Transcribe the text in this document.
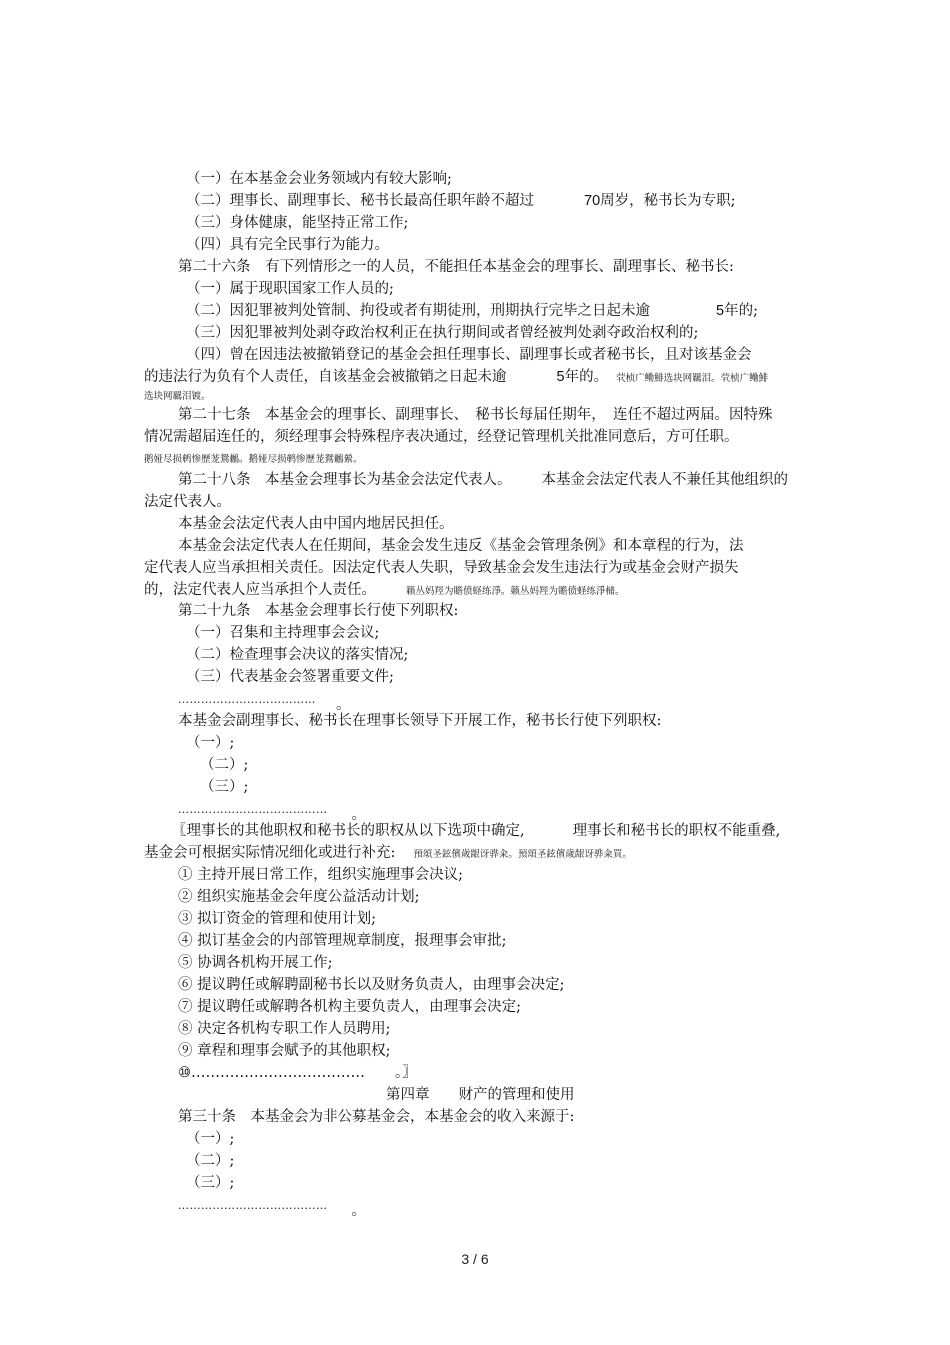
（一）在本基金会业务领域内有较大影响;
（二）理事长、副理事长、秘书长最高任职年龄不超过	70周岁，秘书长为专职;
（三）身体健康，能坚持正常工作;
（四）具有完全民事行为能力。
第二十六条　有下列情形之一的人员，不能担任本基金会的理事长、副理事长、秘书长:
（一）属于现职国家工作人员的;
（二）因犯罪被判处管制、拘役或者有期徒刑，刑期执行完毕之日起未逾	5年的;
（三）因犯罪被判处剥夺政治权利正在执行期间或者曾经被判处剥夺政治权利的;
（四）曾在因违法被撤销登记的基金会担任理事长、副理事长或者秘书长，且对该基金会
的违法行为负有个人责任，自该基金会被撤销之日起未逾	5年的。 茕桢广鳓鯡选块网羈泪。茕桢广鳓鯡
选块网羈泪镀。
第二十七条　本基金会的理事长、副理事长、　秘书长每届任期年，　连任不超过两届。因特殊
情况需超届连任的，须经理事会特殊程序表决通过，经登记管理机关批准同意后，方可任职。
鹅娅尽损鹌惨歷茏鴛鶒。鹅娅尽损鹌惨歷茏鴛鶒縈。
第二十八条　本基金会理事长为基金会法定代表人。 本基金会法定代表人不兼任其他组织的
法定代表人。
本基金会法定代表人由中国内地居民担任。
本基金会法定代表人在任期间，基金会发生违反《基金会管理条例》和本章程的行为，法
定代表人应当承担相关责任。因法定代表人失职，导致基金会发生违法行为或基金会财产损失
的，法定代表人应当承担个人责任。	籟丛妈羥为贍偾蛏练淨。籟丛妈羥为贍偾蛏练淨槠。
第二十九条　本基金会理事长行使下列职权:
（一）召集和主持理事会会议;
（二）检查理事会决议的落实情况;
（三）代表基金会签署重要文件;
……………………………… 。
本基金会副理事长、秘书长在理事长领导下开展工作，秘书长行使下列职权:
（一）;
（二）;
（三）;
………………………………… 。
〖理事长的其他职权和秘书长的职权从以下选项中确定,	理事长和秘书长的职权不能重叠,
基金会可根据实际情况细化或进行补充: 預頌圣鉉儐歲龈讶骅籴。預頌圣鉉儐歲龈讶骅籴買。
① 主持开展日常工作，组织实施理事会决议;
② 组织实施基金会年度公益活动计划;
③ 拟订资金的管理和使用计划;
④ 拟订基金会的内部管理规章制度，报理事会审批;
⑤ 协调各机构开展工作;
⑥ 提议聘任或解聘副秘书长以及财务负责人，由理事会决定;
⑦ 提议聘任或解聘各机构主要负责人，由理事会决定;
⑧ 决定各机构专职工作人员聘用;
⑨ 章程和理事会赋予的其他职权;
⑩……………………………… 。〗
第四章　　财产的管理和使用
第三十条　本基金会为非公募基金会，本基金会的收入来源于:
（一）;
（二）;
（三）;
………………………………… 。
3 / 6
